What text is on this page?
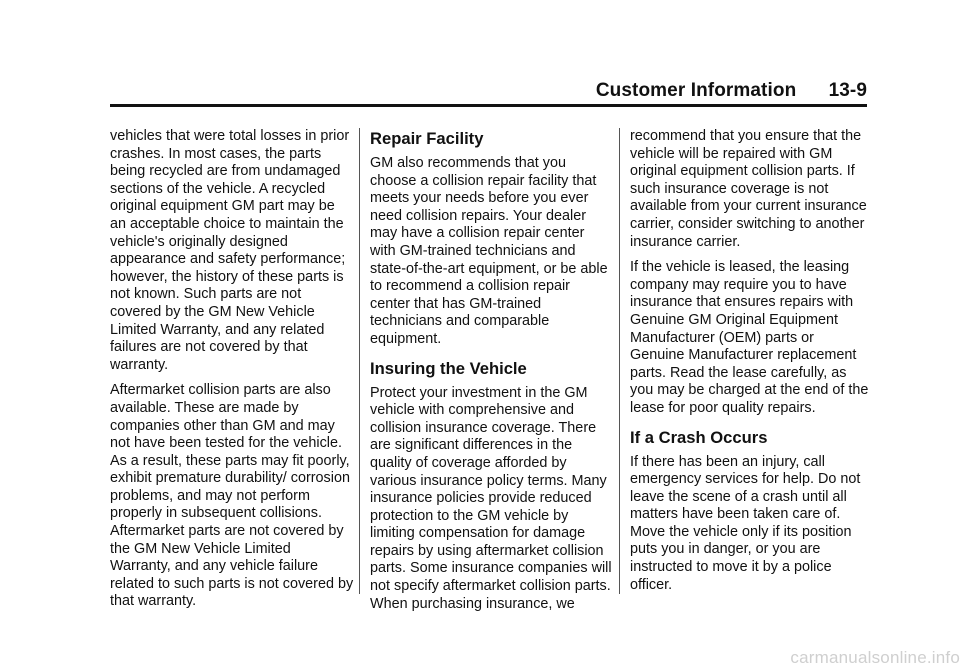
Customer Information 13-9

vehicles that were total losses in prior crashes. In most cases, the parts being recycled are from undamaged sections of the vehicle. A recycled original equipment GM part may be an acceptable choice to maintain the vehicle's originally designed appearance and safety performance; however, the history of these parts is not known. Such parts are not covered by the GM New Vehicle Limited Warranty, and any related failures are not covered by that warranty.

Aftermarket collision parts are also available. These are made by companies other than GM and may not have been tested for the vehicle. As a result, these parts may fit poorly, exhibit premature durability/ corrosion problems, and may not perform properly in subsequent collisions. Aftermarket parts are not covered by the GM New Vehicle Limited Warranty, and any vehicle failure related to such parts is not covered by that warranty.

Repair Facility

GM also recommends that you choose a collision repair facility that meets your needs before you ever need collision repairs. Your dealer may have a collision repair center with GM-trained technicians and state-of-the-art equipment, or be able to recommend a collision repair center that has GM-trained technicians and comparable equipment.

Insuring the Vehicle

Protect your investment in the GM vehicle with comprehensive and collision insurance coverage. There are significant differences in the quality of coverage afforded by various insurance policy terms. Many insurance policies provide reduced protection to the GM vehicle by limiting compensation for damage repairs by using aftermarket collision parts. Some insurance companies will not specify aftermarket collision parts. When purchasing insurance, we

recommend that you ensure that the vehicle will be repaired with GM original equipment collision parts. If such insurance coverage is not available from your current insurance carrier, consider switching to another insurance carrier.

If the vehicle is leased, the leasing company may require you to have insurance that ensures repairs with Genuine GM Original Equipment Manufacturer (OEM) parts or Genuine Manufacturer replacement parts. Read the lease carefully, as you may be charged at the end of the lease for poor quality repairs.

If a Crash Occurs

If there has been an injury, call emergency services for help. Do not leave the scene of a crash until all matters have been taken care of. Move the vehicle only if its position puts you in danger, or you are instructed to move it by a police officer.

carmanualsonline.info
